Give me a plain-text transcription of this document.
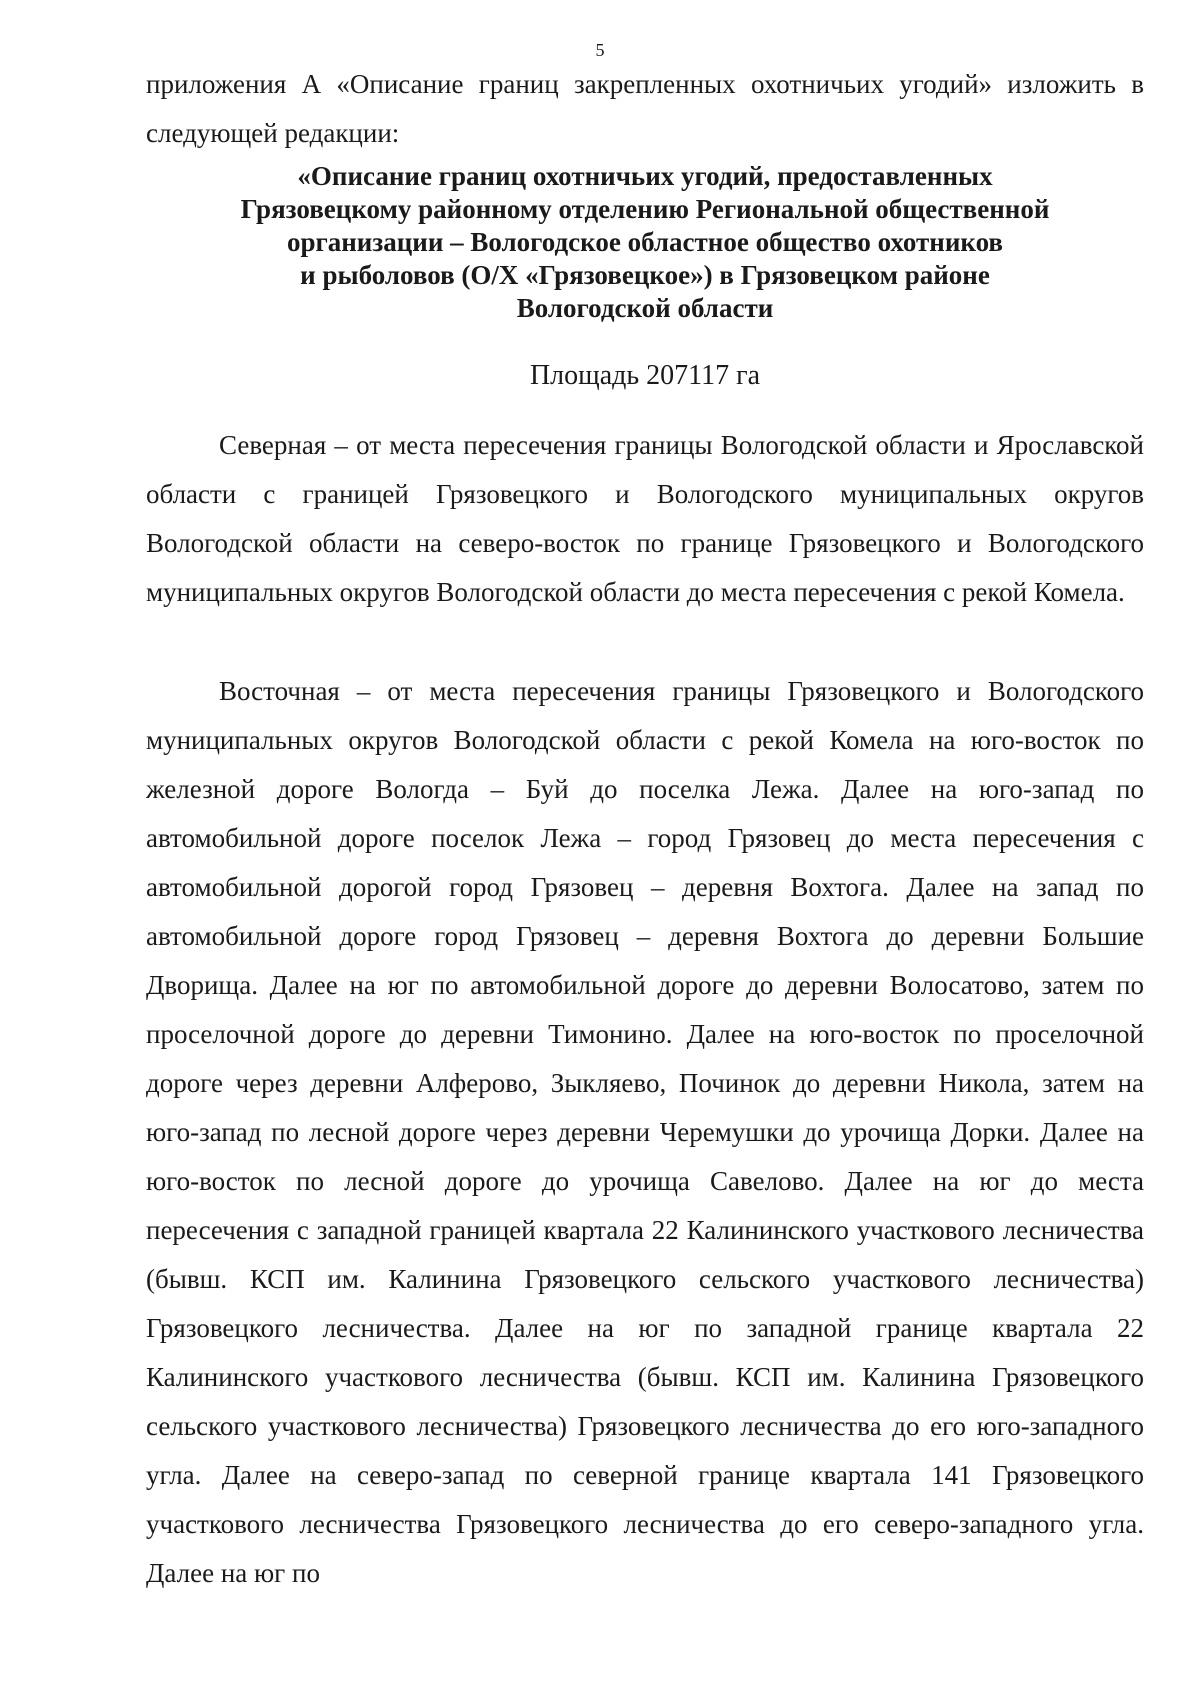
5
приложения А «Описание границ закрепленных охотничьих угодий» изложить в следующей редакции:
«Описание границ охотничьих угодий, предоставленных
Грязовецкому районному отделению Региональной общественной
организации – Вологодское областное общество охотников
и рыболовов (О/Х «Грязовецкое») в Грязовецком районе
Вологодской области
Площадь 207117 га

Северная – от места пересечения границы Вологодской области и Ярославской области с границей Грязовецкого и Вологодского муниципальных округов Вологодской области на северо-восток по границе Грязовецкого и Вологодского муниципальных округов Вологодской области до места пересечения с рекой Комела.

Восточная – от места пересечения границы Грязовецкого и Вологодского муниципальных округов Вологодской области с рекой Комела на юго-восток по железной дороге Вологда – Буй до поселка Лежа. Далее на юго-запад по автомобильной дороге поселок Лежа – город Грязовец до места пересечения с автомобильной дорогой город Грязовец – деревня Вохтога. Далее на запад по автомобильной дороге город Грязовец – деревня Вохтога до деревни Большие Дворища. Далее на юг по автомобильной дороге до деревни Волосатово, затем по проселочной дороге до деревни Тимонино. Далее на юго-восток по проселочной дороге через деревни Алферово, Зыкляево, Починок до деревни Никола, затем на юго-запад по лесной дороге через деревни Черемушки до урочища Дорки. Далее на юго-восток по лесной дороге до урочища Савелово. Далее на юг до места пересечения с западной границей квартала 22 Калининского участкового лесничества (бывш. КСП им. Калинина Грязовецкого сельского участкового лесничества) Грязовецкого лесничества. Далее на юг по западной границе квартала 22 Калининского участкового лесничества (бывш. КСП им. Калинина Грязовецкого сельского участкового лесничества) Грязовецкого лесничества до его юго-западного угла. Далее на северо-запад по северной границе квартала 141 Грязовецкого участкового лесничества Грязовецкого лесничества до его северо-западного угла. Далее на юг по
